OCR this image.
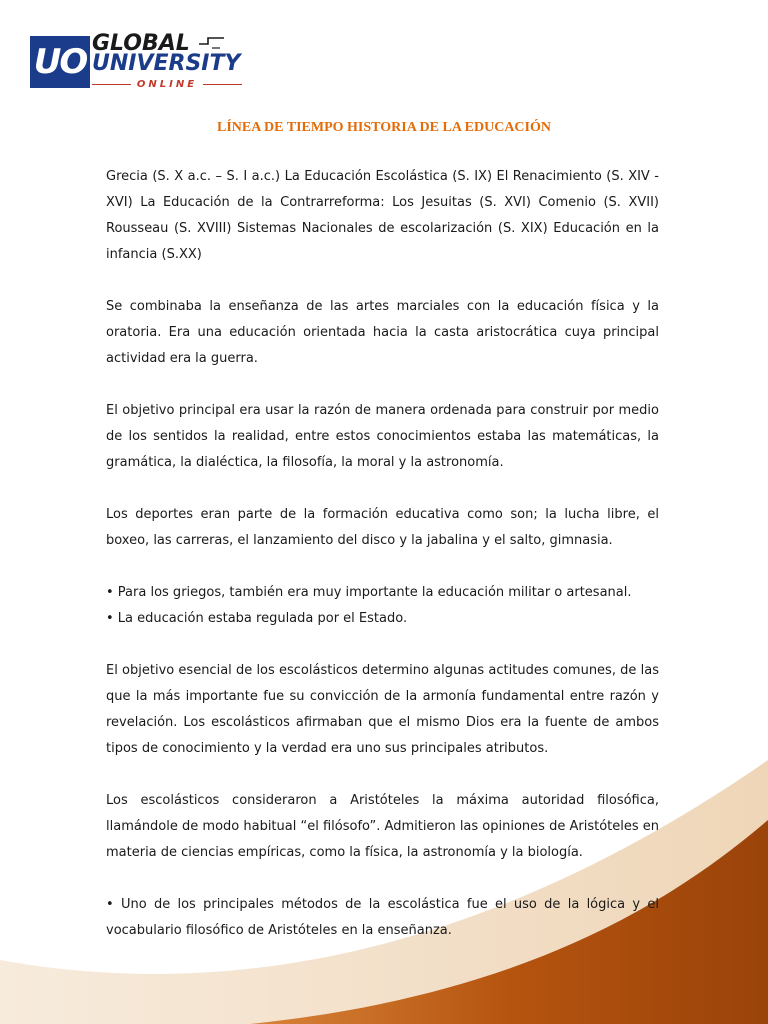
UO GLOBAL
UNIVERSITY
ONLINE
LÍNEA DE TIEMPO HISTORIA DE LA EDUCACIÓN

Grecia (S. X a.c. – S. I a.c.) La Educación Escolástica (S. IX) El Renacimiento (S. XIV - XVI) La Educación de la Contrarreforma: Los Jesuitas (S. XVI) Comenio (S. XVII) Rousseau (S. XVIII) Sistemas Nacionales de escolarización (S. XIX) Educación en la infancia (S.XX)

Se combinaba la enseñanza de las artes marciales con la educación física y la oratoria. Era una educación orientada hacia la casta aristocrática cuya principal actividad era la guerra.

El objetivo principal era usar la razón de manera ordenada para construir por medio de los sentidos la realidad, entre estos conocimientos estaba las matemáticas, la gramática, la dialéctica, la filosofía, la moral y la astronomía.

Los deportes eran parte de la formación educativa como son; la lucha libre, el boxeo, las carreras, el lanzamiento del disco y la jabalina y el salto, gimnasia.

• Para los griegos, también era muy importante la educación militar o artesanal.

• La educación estaba regulada por el Estado.

El objetivo esencial de los escolásticos determino algunas actitudes comunes, de las que la más importante fue su convicción de la armonía fundamental entre razón y revelación. Los escolásticos afirmaban que el mismo Dios era la fuente de ambos tipos de conocimiento y la verdad era uno sus principales atributos.

Los escolásticos consideraron a Aristóteles la máxima autoridad filosófica, llamándole de modo habitual “el filósofo”. Admitieron las opiniones de Aristóteles en materia de ciencias empíricas, como la física, la astronomía y la biología.

• Uno de los principales métodos de la escolástica fue el uso de la lógica y el vocabulario filosófico de Aristóteles en la enseñanza.
